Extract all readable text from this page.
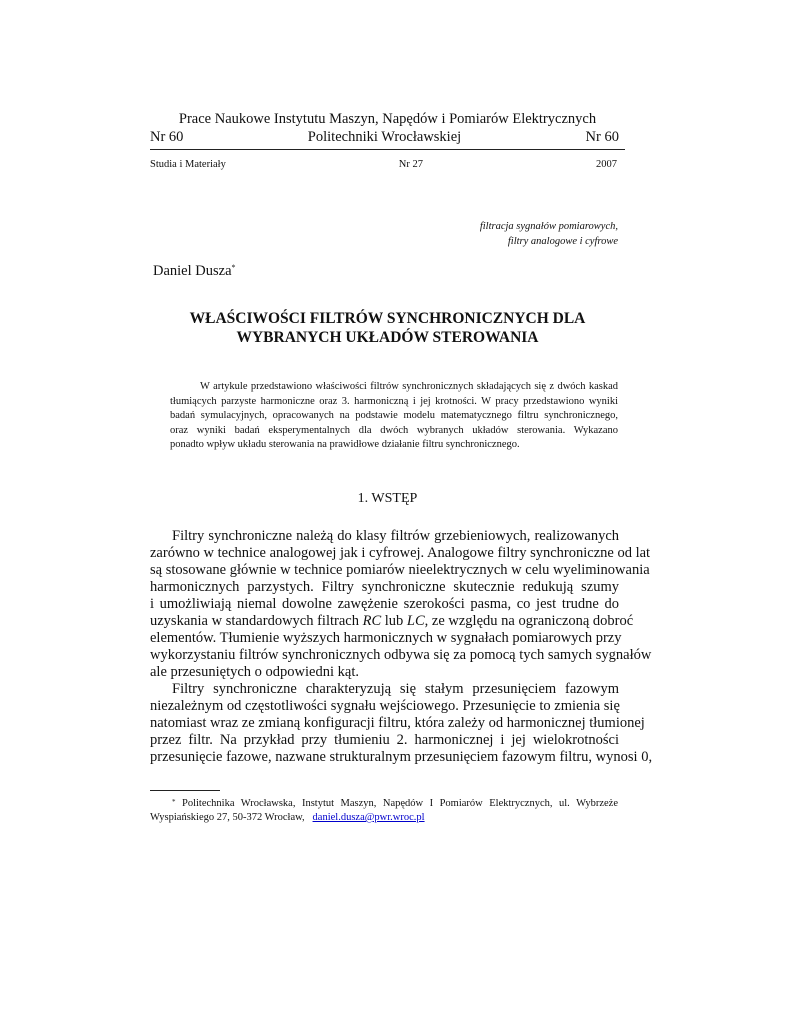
Prace Naukowe Instytutu Maszyn, Napędów i Pomiarów Elektrycznych
Nr 60	Politechniki Wrocławskiej	Nr 60
Studia i Materiały	Nr 27	2007
filtracja sygnałów pomiarowych,
filtry analogowe i cyfrowe
Daniel Dusza*
WŁAŚCIWOŚCI FILTRÓW SYNCHRONICZNYCH DLA
WYBRANYCH UKŁADÓW STEROWANIA
W artykule przedstawiono właściwości filtrów synchronicznych składających się z dwóch kaskad
tłumiących parzyste harmoniczne oraz 3. harmoniczną i jej krotności. W pracy przedstawiono wyniki
badań symulacyjnych, opracowanych na podstawie modelu matematycznego filtru synchronicznego,
oraz wyniki badań eksperymentalnych dla dwóch wybranych układów sterowania. Wykazano
ponadto wpływ układu sterowania na prawidłowe działanie filtru synchronicznego.
1. WSTĘP
Filtry synchroniczne należą do klasy filtrów grzebieniowych, realizowanych
zarówno w technice analogowej jak i cyfrowej. Analogowe filtry synchroniczne od lat
są stosowane głównie w technice pomiarów nieelektrycznych w celu wyeliminowania
harmonicznych parzystych. Filtry synchroniczne skutecznie redukują szumy
i umożliwiają niemal dowolne zawężenie szerokości pasma, co jest trudne do
uzyskania w standardowych filtrach RC lub LC, ze względu na ograniczoną dobroć
elementów. Tłumienie wyższych harmonicznych w sygnałach pomiarowych przy
wykorzystaniu filtrów synchronicznych odbywa się za pomocą tych samych sygnałów
ale przesuniętych o odpowiedni kąt.
Filtry synchroniczne charakteryzują się stałym przesunięciem fazowym
niezależnym od częstotliwości sygnału wejściowego. Przesunięcie to zmienia się
natomiast wraz ze zmianą konfiguracji filtru, która zależy od harmonicznej tłumionej
przez filtr. Na przykład przy tłumieniu 2. harmonicznej i jej wielokrotności
przesunięcie fazowe, nazwane strukturalnym przesunięciem fazowym filtru, wynosi 0,
* Politechnika Wrocławska, Instytut Maszyn, Napędów I Pomiarów Elektrycznych, ul. Wybrzeże
Wyspiańskiego 27, 50-372 Wrocław, daniel.dusza@pwr.wroc.pl
